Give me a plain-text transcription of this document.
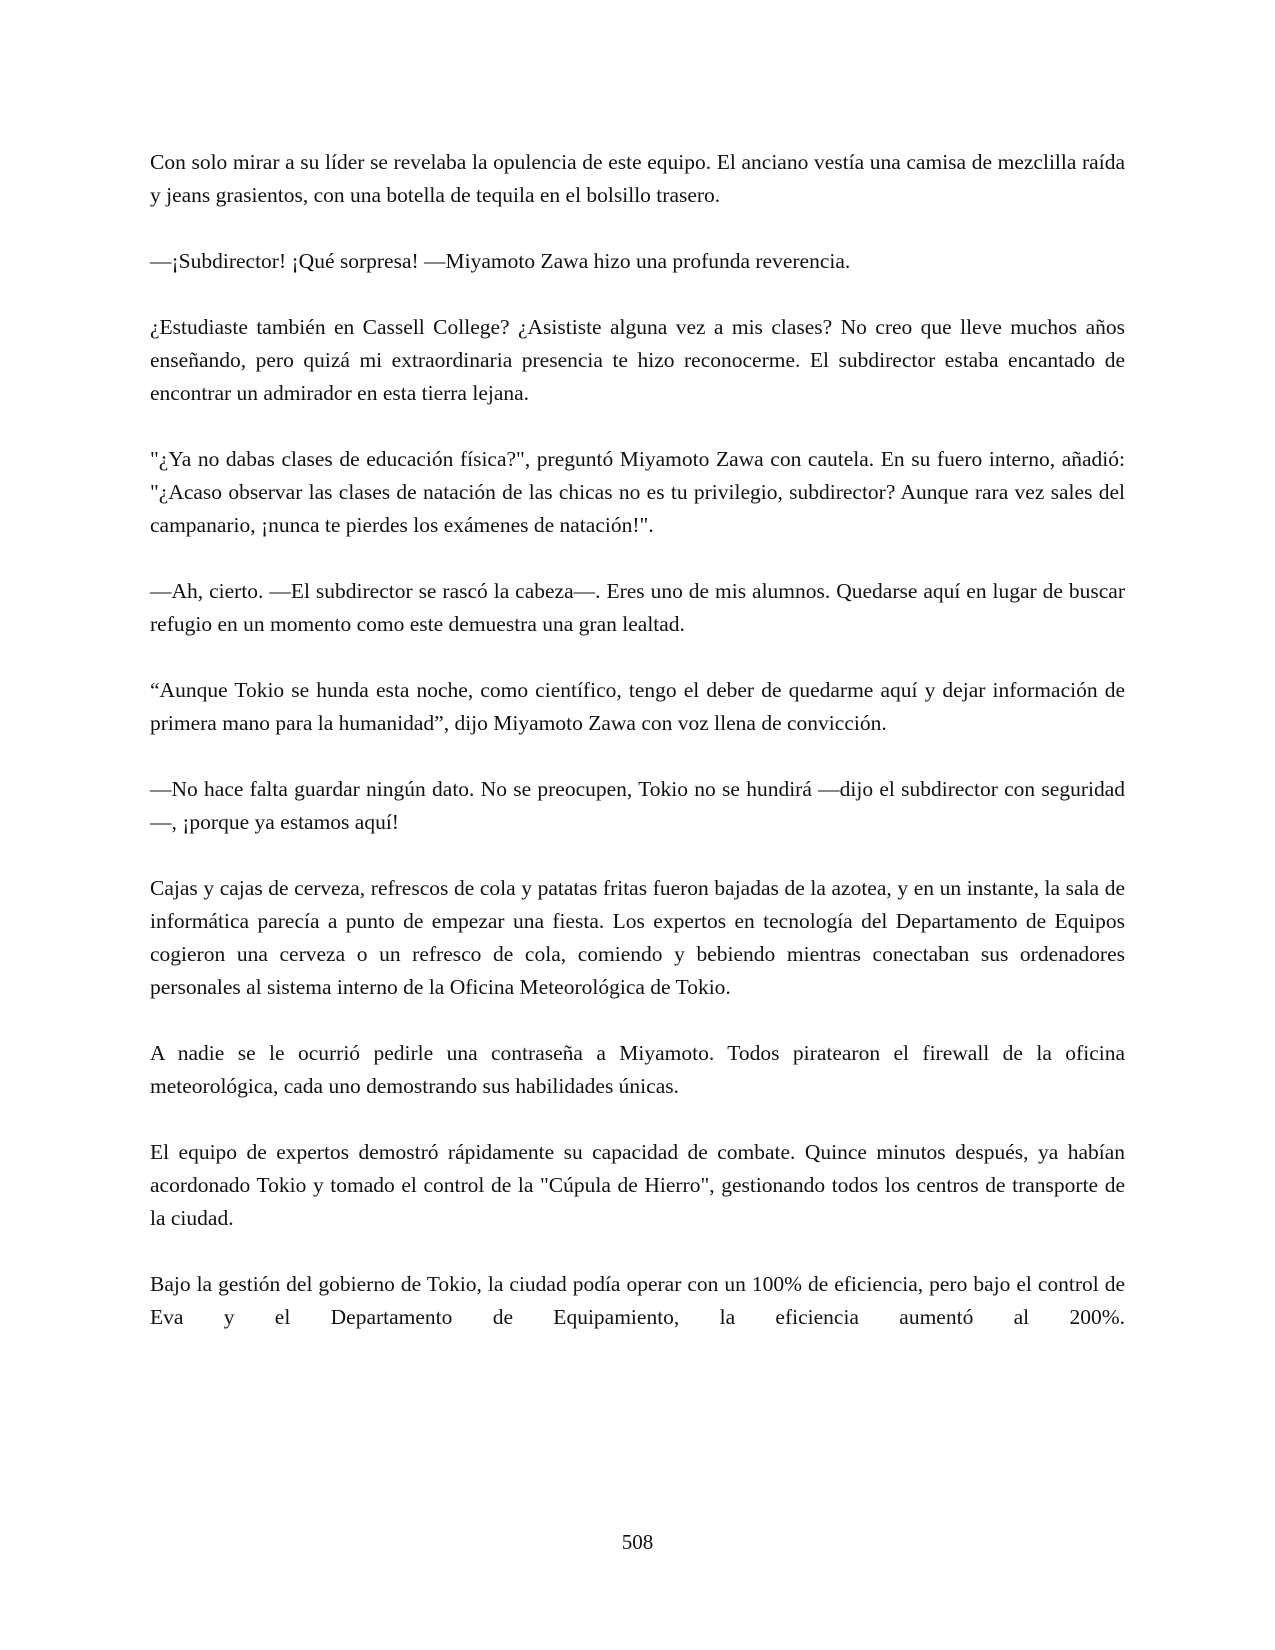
Con solo mirar a su líder se revelaba la opulencia de este equipo. El anciano vestía una camisa de mezclilla raída y jeans grasientos, con una botella de tequila en el bolsillo trasero.

—¡Subdirector! ¡Qué sorpresa! —Miyamoto Zawa hizo una profunda reverencia.

¿Estudiaste también en Cassell College? ¿Asististe alguna vez a mis clases? No creo que lleve muchos años enseñando, pero quizá mi extraordinaria presencia te hizo reconocerme. El subdirector estaba encantado de encontrar un admirador en esta tierra lejana.

"¿Ya no dabas clases de educación física?", preguntó Miyamoto Zawa con cautela. En su fuero interno, añadió: "¿Acaso observar las clases de natación de las chicas no es tu privilegio, subdirector? Aunque rara vez sales del campanario, ¡nunca te pierdes los exámenes de natación!".

—Ah, cierto. —El subdirector se rascó la cabeza—. Eres uno de mis alumnos. Quedarse aquí en lugar de buscar refugio en un momento como este demuestra una gran lealtad.

“Aunque Tokio se hunda esta noche, como científico, tengo el deber de quedarme aquí y dejar información de primera mano para la humanidad”, dijo Miyamoto Zawa con voz llena de convicción.

—No hace falta guardar ningún dato. No se preocupen, Tokio no se hundirá —dijo el subdirector con seguridad—, ¡porque ya estamos aquí!

Cajas y cajas de cerveza, refrescos de cola y patatas fritas fueron bajadas de la azotea, y en un instante, la sala de informática parecía a punto de empezar una fiesta. Los expertos en tecnología del Departamento de Equipos cogieron una cerveza o un refresco de cola, comiendo y bebiendo mientras conectaban sus ordenadores personales al sistema interno de la Oficina Meteorológica de Tokio.

A nadie se le ocurrió pedirle una contraseña a Miyamoto. Todos piratearon el firewall de la oficina meteorológica, cada uno demostrando sus habilidades únicas.

El equipo de expertos demostró rápidamente su capacidad de combate. Quince minutos después, ya habían acordonado Tokio y tomado el control de la "Cúpula de Hierro", gestionando todos los centros de transporte de la ciudad.

Bajo la gestión del gobierno de Tokio, la ciudad podía operar con un 100% de eficiencia, pero bajo el control de Eva y el Departamento de Equipamiento, la eficiencia aumentó al 200%.

508
